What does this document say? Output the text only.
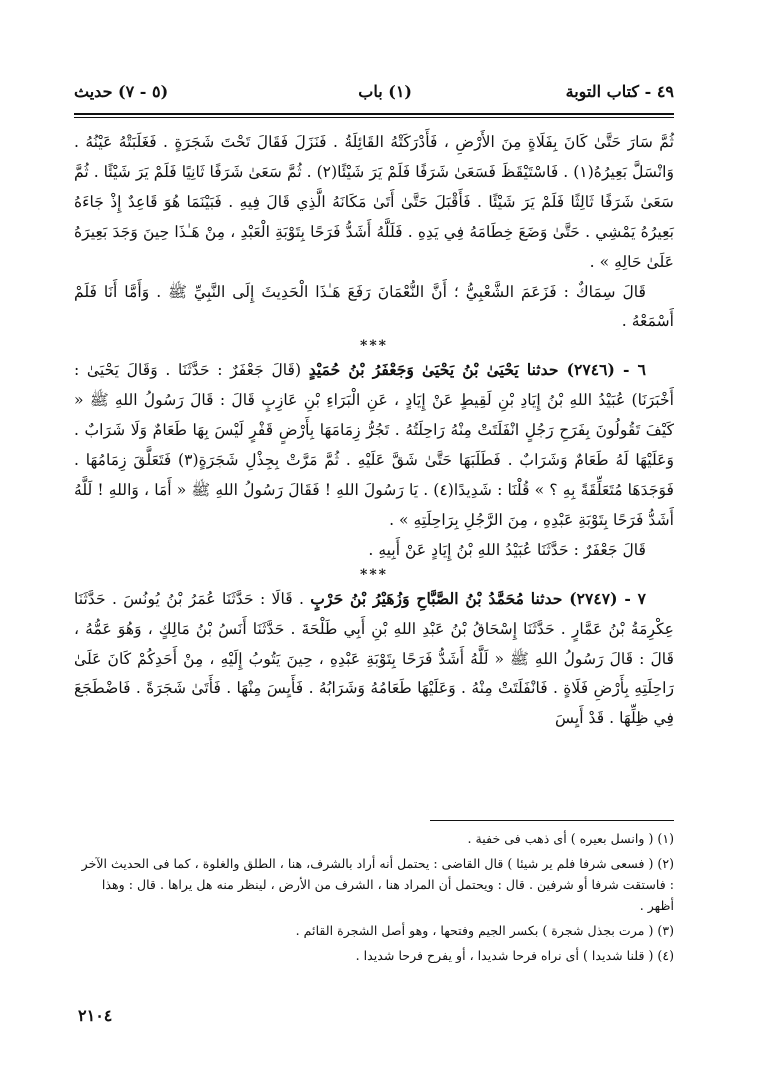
٤٩ - كتاب التوبة
(١) باب
(٥ - ٧) حديث

ثُمَّ سَارَ حَتَّىٰ كَانَ بِفَلَاةٍ مِنَ الأَرْضِ ، فَأَدْرَكَتْهُ القَائِلَةُ . فَنَزَلَ فَقَالَ تَحْتَ شَجَرَةٍ . فَغَلَبَتْهُ عَيْنُهُ . وَانْسَلَّ بَعِيرُهُ(١) . فَاسْتَيْقَظَ فَسَعَىٰ شَرَفًا فَلَمْ يَرَ شَيْئًا(٢) . ثُمَّ سَعَىٰ شَرَفًا ثَانِيًا فَلَمْ يَرَ شَيْئًا . ثُمَّ سَعَىٰ شَرَفًا ثَالِثًا فَلَمْ يَرَ شَيْئًا . فَأَقْبَلَ حَتَّىٰ أَتَىٰ مَكَانَهُ الَّذِي قَالَ فِيهِ . فَبَيْنَمَا هُوَ قَاعِدٌ إِذْ جَاءَهُ بَعِيرُهُ يَمْشِي . حَتَّىٰ وَضَعَ خِطَامَهُ فِي يَدِهِ . فَلَلَّهُ أَشَدُّ فَرَحًا بِتَوْبَةِ الْعَبْدِ ، مِنْ هَـٰذَا حِينَ وَجَدَ بَعِيرَهُ عَلَىٰ حَالِهِ » .

قَالَ سِمَاكٌ : فَزَعَمَ الشَّعْبِيُّ ؛ أَنَّ النُّعْمَانَ رَفَعَ هَـٰذَا الْحَدِيثَ إِلَى النَّبِيِّ ﷺ . وَأَمَّا أَنَا فَلَمْ أَسْمَعْهُ .

***

٦ - (٢٧٤٦) حدثنا يَحْيَىٰ بْنُ يَحْيَىٰ وَجَعْفَرُ بْنُ حُمَيْدٍ (قَالَ جَعْفَرٌ : حَدَّثَنَا . وَقَالَ يَحْيَىٰ : أَخْبَرَنَا) عُبَيْدُ اللهِ بْنُ إِيَادِ بْنِ لَقِيطٍ عَنْ إِيَادٍ ، عَنِ الْبَرَاءِ بْنِ عَازِبٍ قَالَ : قَالَ رَسُولُ اللهِ ﷺ « كَيْفَ تَقُولُونَ بِفَرَحِ رَجُلٍ انْفَلَتَتْ مِنْهُ رَاحِلَتُهُ . تَجُرُّ زِمَامَهَا بِأَرْضٍ قَفْرٍ لَيْسَ بِهَا طَعَامٌ وَلَا شَرَابٌ . وَعَلَيْهَا لَهُ طَعَامٌ وَشَرَابٌ . فَطَلَبَهَا حَتَّىٰ شَقَّ عَلَيْهِ . ثُمَّ مَرَّتْ بِجِذْلِ شَجَرَةٍ(٣) فَتَعَلَّقَ زِمَامُهَا . فَوَجَدَهَا مُتَعَلِّقَةً بِهِ ؟ » قُلْنَا : شَدِيدًا(٤) . يَا رَسُولَ اللهِ ! فَقَالَ رَسُولُ اللهِ ﷺ « أَمَا ، وَاللهِ ! لَلَّهُ أَشَدُّ فَرَحًا بِتَوْبَةِ عَبْدِهِ ، مِنَ الرَّجُلِ بِرَاحِلَتِهِ » .

قَالَ جَعْفَرٌ : حَدَّثَنَا عُبَيْدُ اللهِ بْنُ إِيَادٍ عَنْ أَبِيهِ .

***

٧ - (٢٧٤٧) حدثنا مُحَمَّدُ بْنُ الصَّبَّاحِ وَزُهَيْرُ بْنُ حَرْبٍ . قَالَا : حَدَّثَنَا عُمَرُ بْنُ يُونُسَ . حَدَّثَنَا عِكْرِمَةُ بْنُ عَمَّارٍ . حَدَّثَنَا إِسْحَاقُ بْنُ عَبْدِ اللهِ بْنِ أَبِي طَلْحَةَ . حَدَّثَنَا أَنَسُ بْنُ مَالِكٍ ، وَهُوَ عَمُّهُ ، قَالَ : قَالَ رَسُولُ اللهِ ﷺ « لَلَّهُ أَشَدُّ فَرَحًا بِتَوْبَةِ عَبْدِهِ ، حِينَ يَتُوبُ إِلَيْهِ ، مِنْ أَحَدِكُمْ كَانَ عَلَىٰ رَاحِلَتِهِ بِأَرْضِ فَلَاةٍ . فَانْفَلَتَتْ مِنْهُ . وَعَلَيْهَا طَعَامُهُ وَشَرَابُهُ . فَأَيِسَ مِنْهَا . فَأَتَىٰ شَجَرَةً . فَاضْطَجَعَ فِي ظِلِّهَا . قَدْ أَيِسَ

(١) ( وانسل بعيره ) أى ذهب فى خفية .

(٢) ( فسعى شرفا فلم ير شيئا ) قال القاضى : يحتمل أنه أراد بالشرف، هنا ، الطلق والغلوة ، كما فى الحديث الآخر : فاستقت شرفا أو شرفين . قال : ويحتمل أن المراد هنا ، الشرف من الأرض ، لينظر منه هل يراها . قال : وهذا أظهر .

(٣) ( مرت بجذل شجرة ) بكسر الجيم وفتحها ، وهو أصل الشجرة القائم .

(٤) ( قلنا شديدا ) أى نراه فرحا شديدا ، أو يفرح فرحا شديدا .

٢١٠٤
